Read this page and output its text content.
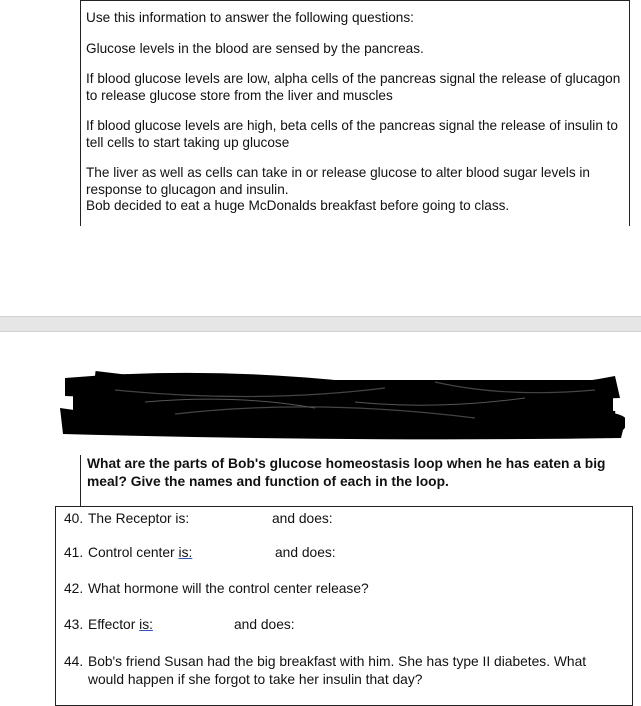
Use this information to answer the following questions:

Glucose levels in the blood are sensed by the pancreas.

If blood glucose levels are low, alpha cells of the pancreas signal the release of glucagon to release glucose store from the liver and muscles

If blood glucose levels are high, beta cells of the pancreas signal the release of insulin to tell cells to start taking up glucose

The liver as well as cells can take in or release glucose to alter blood sugar levels in response to glucagon and insulin.

Bob decided to eat a huge McDonalds breakfast before going to class.

What are the parts of Bob's glucose homeostasis loop when he has eaten a big meal? Give the names and function of each in the loop.
40. The Receptor is:	and does:
41. Control center is:	and does:
42. What hormone will the control center release?
43. Effector is:	and does:
44. Bob's friend Susan had the big breakfast with him. She has type II diabetes. What would happen if she forgot to take her insulin that day?
